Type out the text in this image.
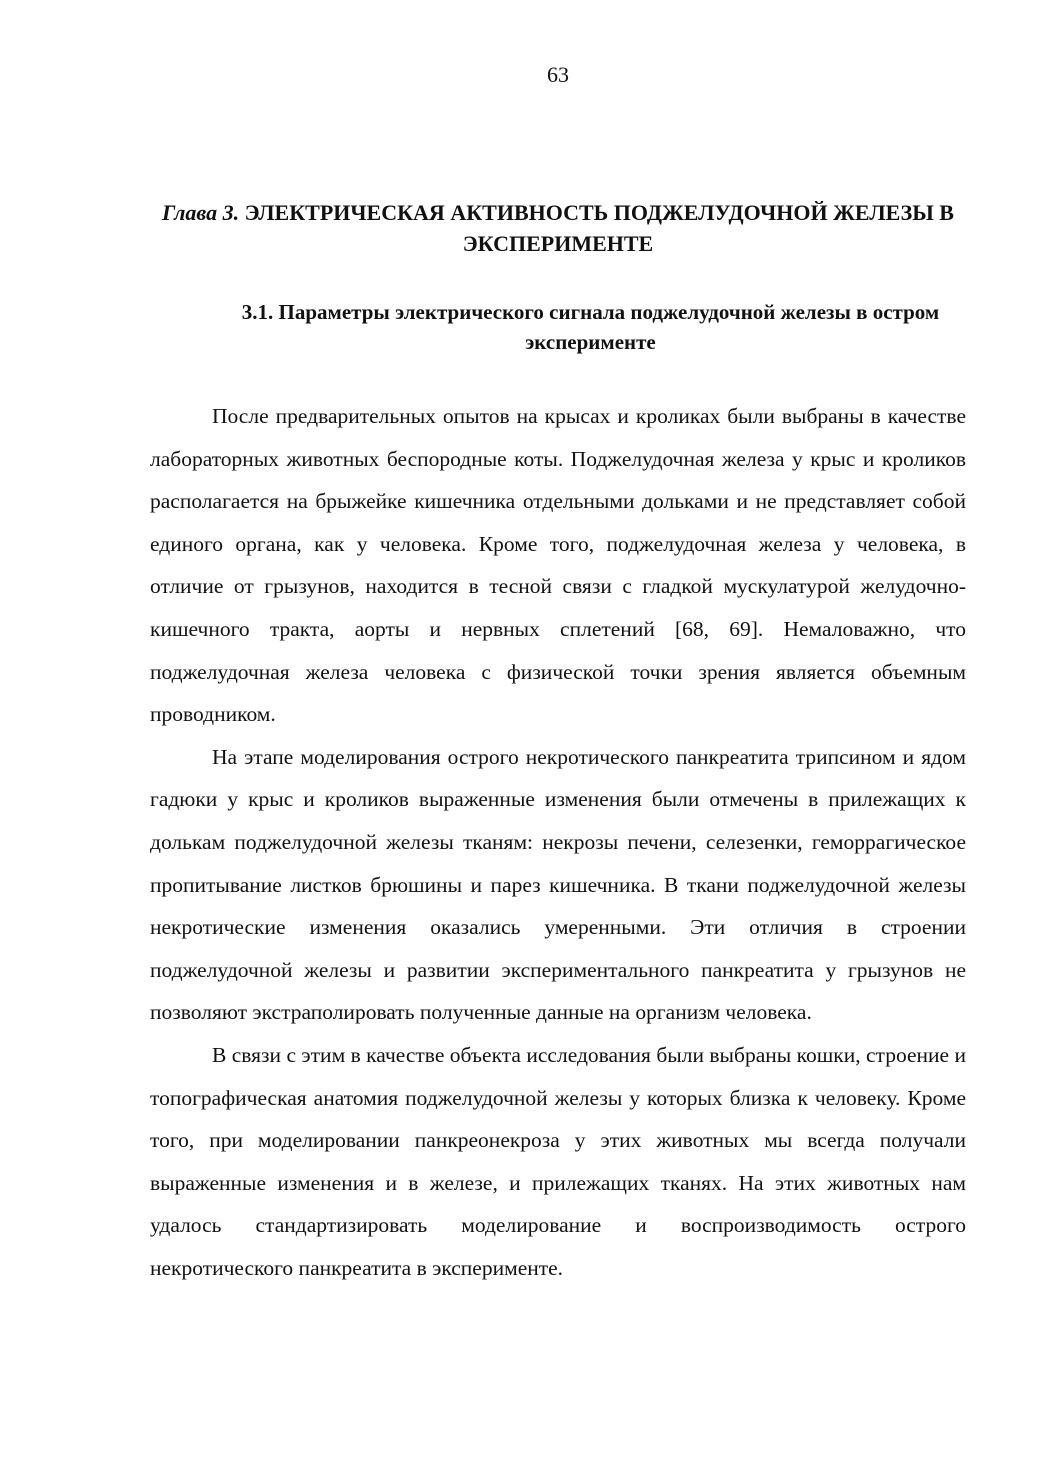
63
Глава 3. ЭЛЕКТРИЧЕСКАЯ АКТИВНОСТЬ ПОДЖЕЛУДОЧНОЙ ЖЕЛЕЗЫ В ЭКСПЕРИМЕНТЕ
3.1. Параметры электрического сигнала поджелудочной железы в остром эксперименте

После предварительных опытов на крысах и кроликах были выбраны в качестве лабораторных животных беспородные коты. Поджелудочная железа у крыс и кроликов располагается на брыжейке кишечника отдельными дольками и не представляет собой единого органа, как у человека. Кроме того, поджелудочная железа у человека, в отличие от грызунов, находится в тесной связи с гладкой мускулатурой желудочно-кишечного тракта, аорты и нервных сплетений [68, 69]. Немаловажно, что поджелудочная железа человека с физической точки зрения является объемным проводником.

На этапе моделирования острого некротического панкреатита трипсином и ядом гадюки у крыс и кроликов выраженные изменения были отмечены в прилежащих к долькам поджелудочной железы тканям: некрозы печени, селезенки, геморрагическое пропитывание листков брюшины и парез кишечника. В ткани поджелудочной железы некротические изменения оказались умеренными. Эти отличия в строении поджелудочной железы и развитии экспериментального панкреатита у грызунов не позволяют экстраполировать полученные данные на организм человека.

В связи с этим в качестве объекта исследования были выбраны кошки, строение и топографическая анатомия поджелудочной железы у которых близка к человеку. Кроме того, при моделировании панкреонекроза у этих животных мы всегда получали выраженные изменения и в железе, и прилежащих тканях. На этих животных нам удалось стандартизировать моделирование и воспроизводимость острого некротического панкреатита в эксперименте.
